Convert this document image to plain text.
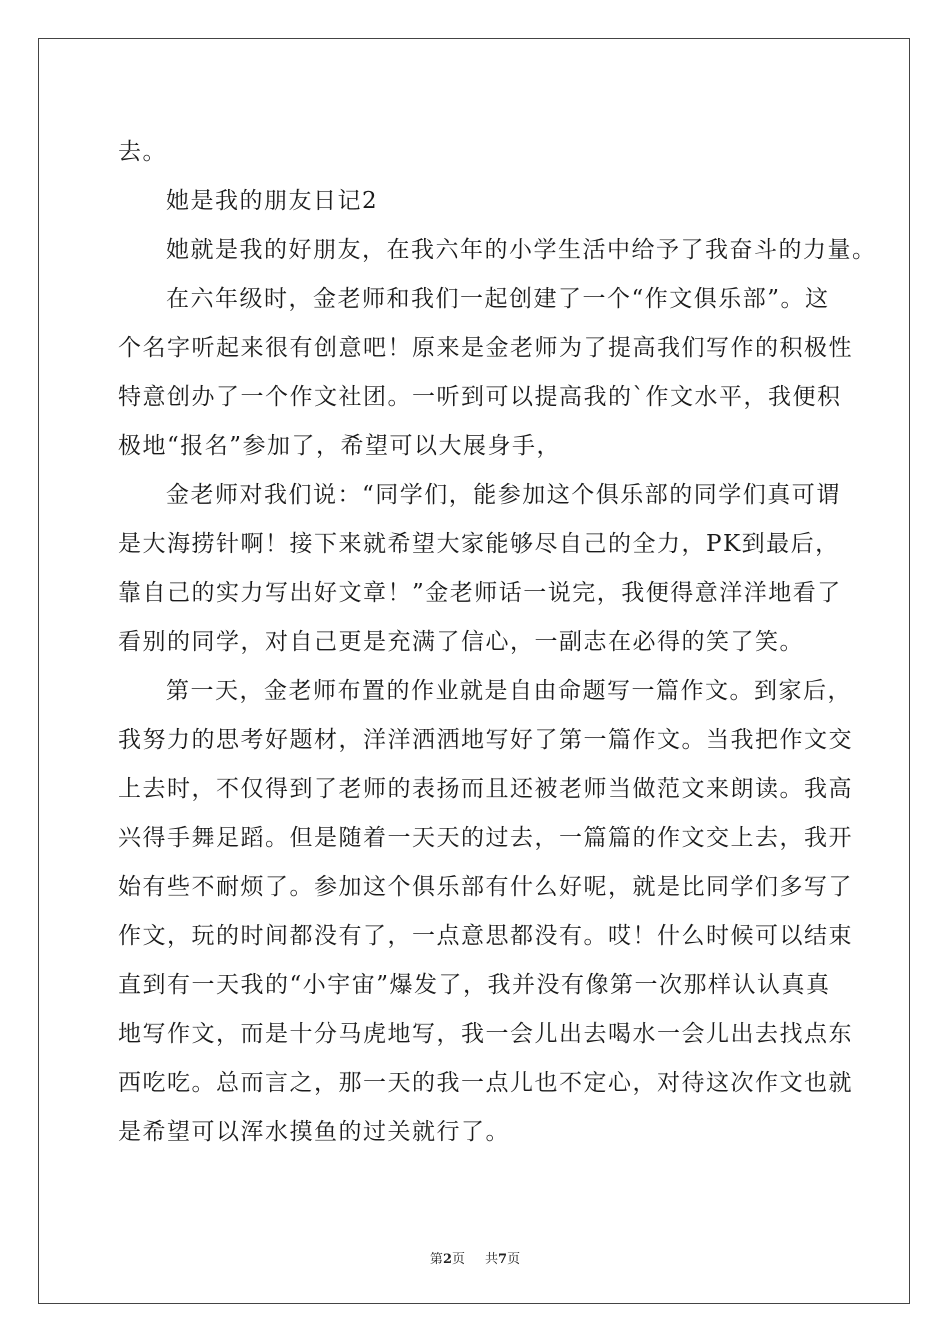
去。
她是我的朋友日记2
她就是我的好朋友，在我六年的小学生活中给予了我奋斗的力量。
在六年级时，金老师和我们一起创建了一个“作文俱乐部”。这
个名字听起来很有创意吧！原来是金老师为了提高我们写作的积极性
特意创办了一个作文社团。一听到可以提高我的`作文水平，我便积
极地“报名”参加了，希望可以大展身手，
金老师对我们说：“同学们，能参加这个俱乐部的同学们真可谓
是大海捞针啊！接下来就希望大家能够尽自己的全力，PK到最后，
靠自己的实力写出好文章！”金老师话一说完，我便得意洋洋地看了
看别的同学，对自己更是充满了信心，一副志在必得的笑了笑。
第一天，金老师布置的作业就是自由命题写一篇作文。到家后，
我努力的思考好题材，洋洋洒洒地写好了第一篇作文。当我把作文交
上去时，不仅得到了老师的表扬而且还被老师当做范文来朗读。我高
兴得手舞足蹈。但是随着一天天的过去，一篇篇的作文交上去，我开
始有些不耐烦了。参加这个俱乐部有什么好呢，就是比同学们多写了
作文，玩的时间都没有了，一点意思都没有。哎！什么时候可以结束
直到有一天我的“小宇宙”爆发了，我并没有像第一次那样认认真真
地写作文，而是十分马虎地写，我一会儿出去喝水一会儿出去找点东
西吃吃。总而言之，那一天的我一点儿也不定心，对待这次作文也就
是希望可以浑水摸鱼的过关就行了。
第2页 共7页
